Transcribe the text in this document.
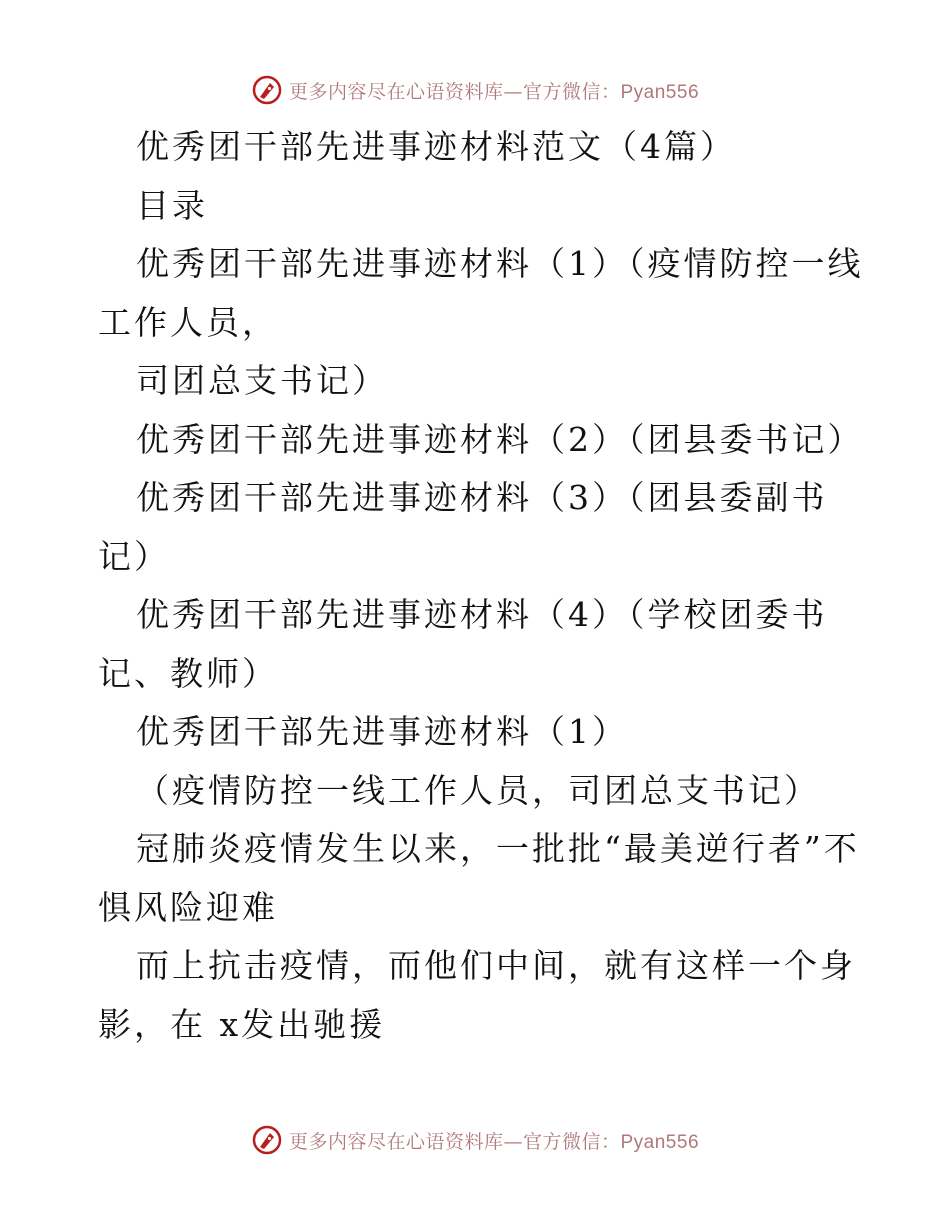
更多内容尽在心语资料库—官方微信：Pyan556
优秀团干部先进事迹材料范文（4篇）
目录
优秀团干部先进事迹材料（1）（疫情防控一线
工作人员，
司团总支书记）
优秀团干部先进事迹材料（2）（团县委书记）
优秀团干部先进事迹材料（3）（团县委副书
记）
优秀团干部先进事迹材料（4）（学校团委书
记、教师）
优秀团干部先进事迹材料（1）
（疫情防控一线工作人员，司团总支书记）
冠肺炎疫情发生以来，一批批“最美逆行者”不
惧风险迎难
而上抗击疫情，而他们中间，就有这样一个身
影，在 x发出驰援
更多内容尽在心语资料库—官方微信：Pyan556
